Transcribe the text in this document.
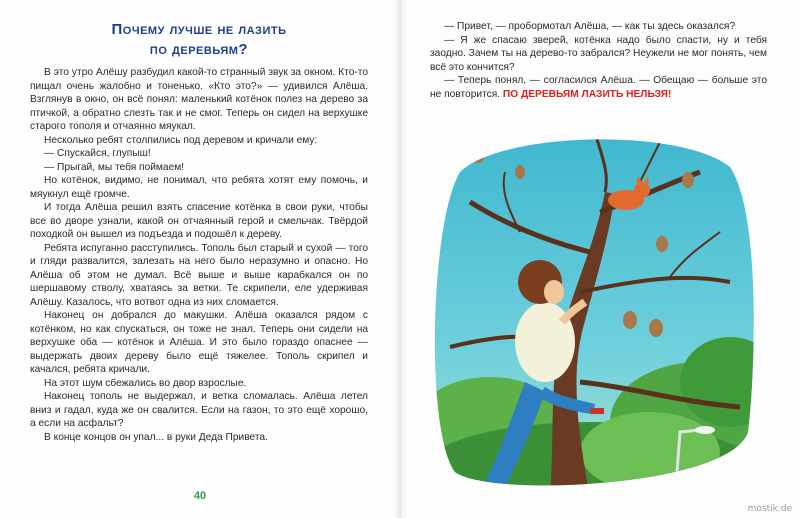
Почему лучше не лазить
по деревьям?

В это утро Алёшу разбудил какой-то странный звук за окном. Кто-то пищал очень жалобно и тоненько. «Кто это?» — удивился Алёша. Взглянув в окно, он всё понял: маленький котёнок полез на дерево за птичкой, а обратно слезть так и не смог. Теперь он сидел на верхушке старого тополя и отчаянно мяукал.

Несколько ребят столпились под деревом и кричали ему:

— Спускайся, глупыш!

— Прыгай, мы тебя поймаем!

Но котёнок, видимо, не понимал, что ребята хотят ему помочь, и мяукнул ещё громче.

И тогда Алёша решил взять спасение котёнка в свои руки, чтобы все во дворе узнали, какой он отчаянный герой и смельчак. Твёрдой походкой он вышел из подъезда и подошёл к дереву.

Ребята испуганно расступились. Тополь был старый и сухой — того и гляди развалится, залезать на него было неразумно и опасно. Но Алёша об этом не думал. Всё выше и выше карабкался он по шершавому стволу, хватаясь за ветки. Те скрипели, еле удерживая Алёшу. Казалось, что вотвот одна из них сломается.

Наконец он добрался до макушки. Алёша оказался рядом с котёнком, но как спускаться, он тоже не знал. Теперь они сидели на верхушке оба — котёнок и Алёша. И это было гораздо опаснее — выдержать двоих дереву было ещё тяжелее. Тополь скрипел и качался, ребята кричали.

На этот шум сбежались во двор взрослые.

Наконец тополь не выдержал, и ветка сломалась. Алёша летел вниз и гадал, куда же он свалится. Если на газон, то это ещё хорошо, а если на асфальт?

В конце концов он упал... в руки Деда Привета.

40

— Привет, — пробормотал Алёша, — как ты здесь оказался?

— Я же спасаю зверей, котёнка надо было спасти, ну и тебя заодно. Зачем ты на дерево-то забрался? Неужели не мог понять, чем всё это кончится?

— Теперь понял, — согласился Алёша. — Обещаю — больше это не повторится. ПО ДЕРЕВЬЯМ ЛАЗИТЬ НЕЛЬЗЯ!

mostik.de
